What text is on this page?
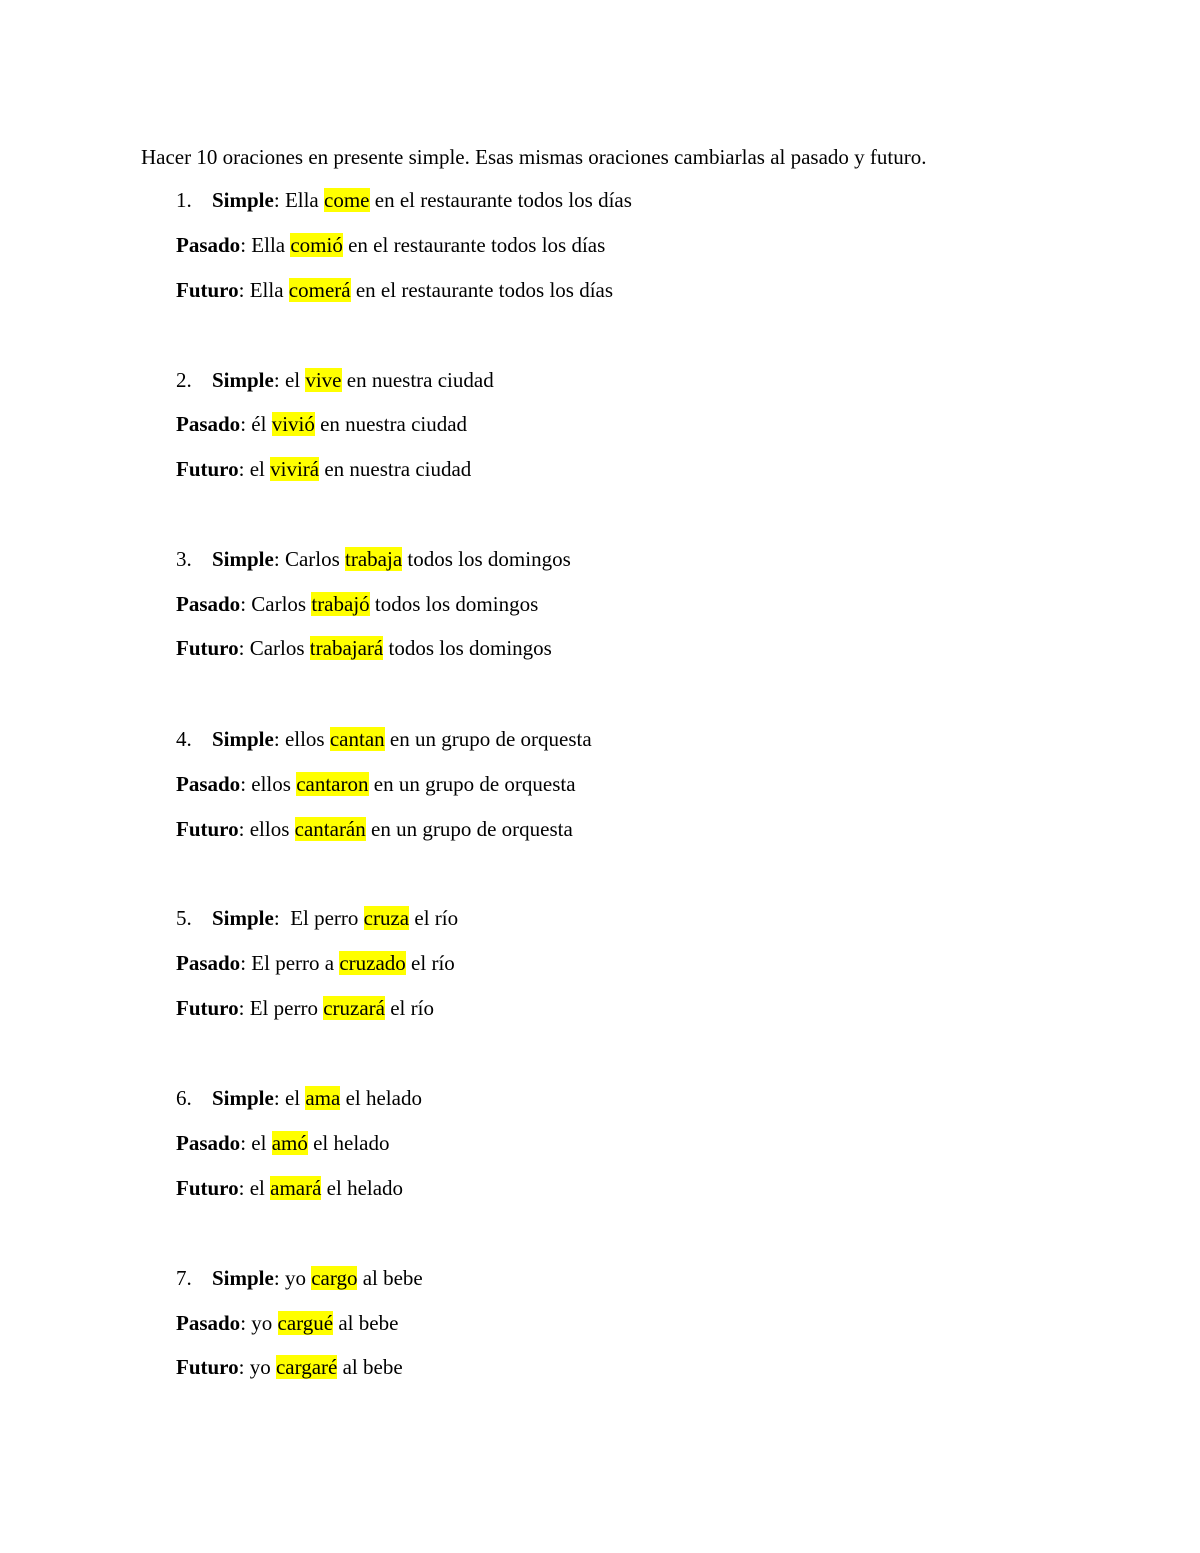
Hacer 10 oraciones en presente simple. Esas mismas oraciones cambiarlas al pasado y futuro.
1. Simple: Ella come en el restaurante todos los días
Pasado: Ella comió en el restaurante todos los días
Futuro: Ella comerá en el restaurante todos los días
2. Simple: el vive en nuestra ciudad
Pasado: él vivió en nuestra ciudad
Futuro: el vivirá en nuestra ciudad
3. Simple: Carlos trabaja todos los domingos
Pasado: Carlos trabajó todos los domingos
Futuro: Carlos trabajará todos los domingos
4. Simple: ellos cantan en un grupo de orquesta
Pasado: ellos cantaron en un grupo de orquesta
Futuro: ellos cantarán en un grupo de orquesta
5. Simple:  El perro cruza el río
Pasado: El perro a cruzado el río
Futuro: El perro cruzará el río
6. Simple: el ama el helado
Pasado: el amó el helado
Futuro: el amará el helado
7. Simple: yo cargo al bebe
Pasado: yo cargué al bebe
Futuro: yo cargaré al bebe
